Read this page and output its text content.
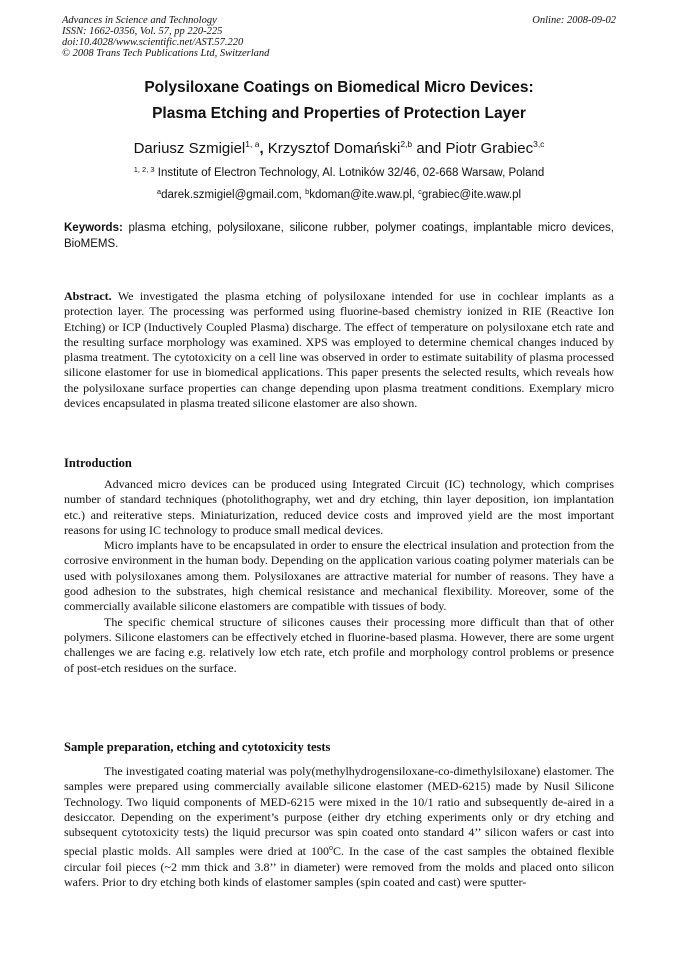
Advances in Science and Technology
ISSN: 1662-0356, Vol. 57, pp 220-225
doi:10.4028/www.scientific.net/AST.57.220
© 2008 Trans Tech Publications Ltd, Switzerland
Online: 2008-09-02
Polysiloxane Coatings on Biomedical Micro Devices:
Plasma Etching and Properties of Protection Layer
Dariusz Szmigiel$^{1, a}$, Krzysztof Domański$^{2,b}$ and Piotr Grabiec$^{3,c}$
$^{1, 2, 3}$ Institute of Electron Technology, Al. Lotników 32/46, 02-668 Warsaw, Poland
$^a$darek.szmigiel@gmail.com, $^b$kdoman@ite.waw.pl, $^c$grabiec@ite.waw.pl
Keywords: plasma etching, polysiloxane, silicone rubber, polymer coatings, implantable micro devices, BioMEMS.

Abstract. We investigated the plasma etching of polysiloxane intended for use in cochlear implants as a protection layer. The processing was performed using fluorine-based chemistry ionized in RIE (Reactive Ion Etching) or ICP (Inductively Coupled Plasma) discharge. The effect of temperature on polysiloxane etch rate and the resulting surface morphology was examined. XPS was employed to determine chemical changes induced by plasma treatment. The cytotoxicity on a cell line was observed in order to estimate suitability of plasma processed silicone elastomer for use in biomedical applications. This paper presents the selected results, which reveals how the polysiloxane surface properties can change depending upon plasma treatment conditions. Exemplary micro devices encapsulated in plasma treated silicone elastomer are also shown.

Introduction

Advanced micro devices can be produced using Integrated Circuit (IC) technology, which comprises number of standard techniques (photolithography, wet and dry etching, thin layer deposition, ion implantation etc.) and reiterative steps. Miniaturization, reduced device costs and improved yield are the most important reasons for using IC technology to produce small medical devices.

Micro implants have to be encapsulated in order to ensure the electrical insulation and protection from the corrosive environment in the human body. Depending on the application various coating polymer materials can be used with polysiloxanes among them. Polysiloxanes are attractive material for number of reasons. They have a good adhesion to the substrates, high chemical resistance and mechanical flexibility. Moreover, some of the commercially available silicone elastomers are compatible with tissues of body.

The specific chemical structure of silicones causes their processing more difficult than that of other polymers. Silicone elastomers can be effectively etched in fluorine-based plasma. However, there are some urgent challenges we are facing e.g. relatively low etch rate, etch profile and morphology control problems or presence of post-etch residues on the surface.

Sample preparation, etching and cytotoxicity tests

The investigated coating material was poly(methylhydrogensiloxane-co-dimethylsiloxane) elastomer. The samples were prepared using commercially available silicone elastomer (MED-6215) made by Nusil Silicone Technology. Two liquid components of MED-6215 were mixed in the 10/1 ratio and subsequently de-aired in a desiccator. Depending on the experiment’s purpose (either dry etching experiments only or dry etching and subsequent cytotoxicity tests) the liquid precursor was spin coated onto standard 4’’ silicon wafers or cast into special plastic molds. All samples were dried at 100$^o$C. In the case of the cast samples the obtained flexible circular foil pieces (~2 mm thick and 3.8’’ in diameter) were removed from the molds and placed onto silicon wafers. Prior to dry etching both kinds of elastomer samples (spin coated and cast) were sputter-
